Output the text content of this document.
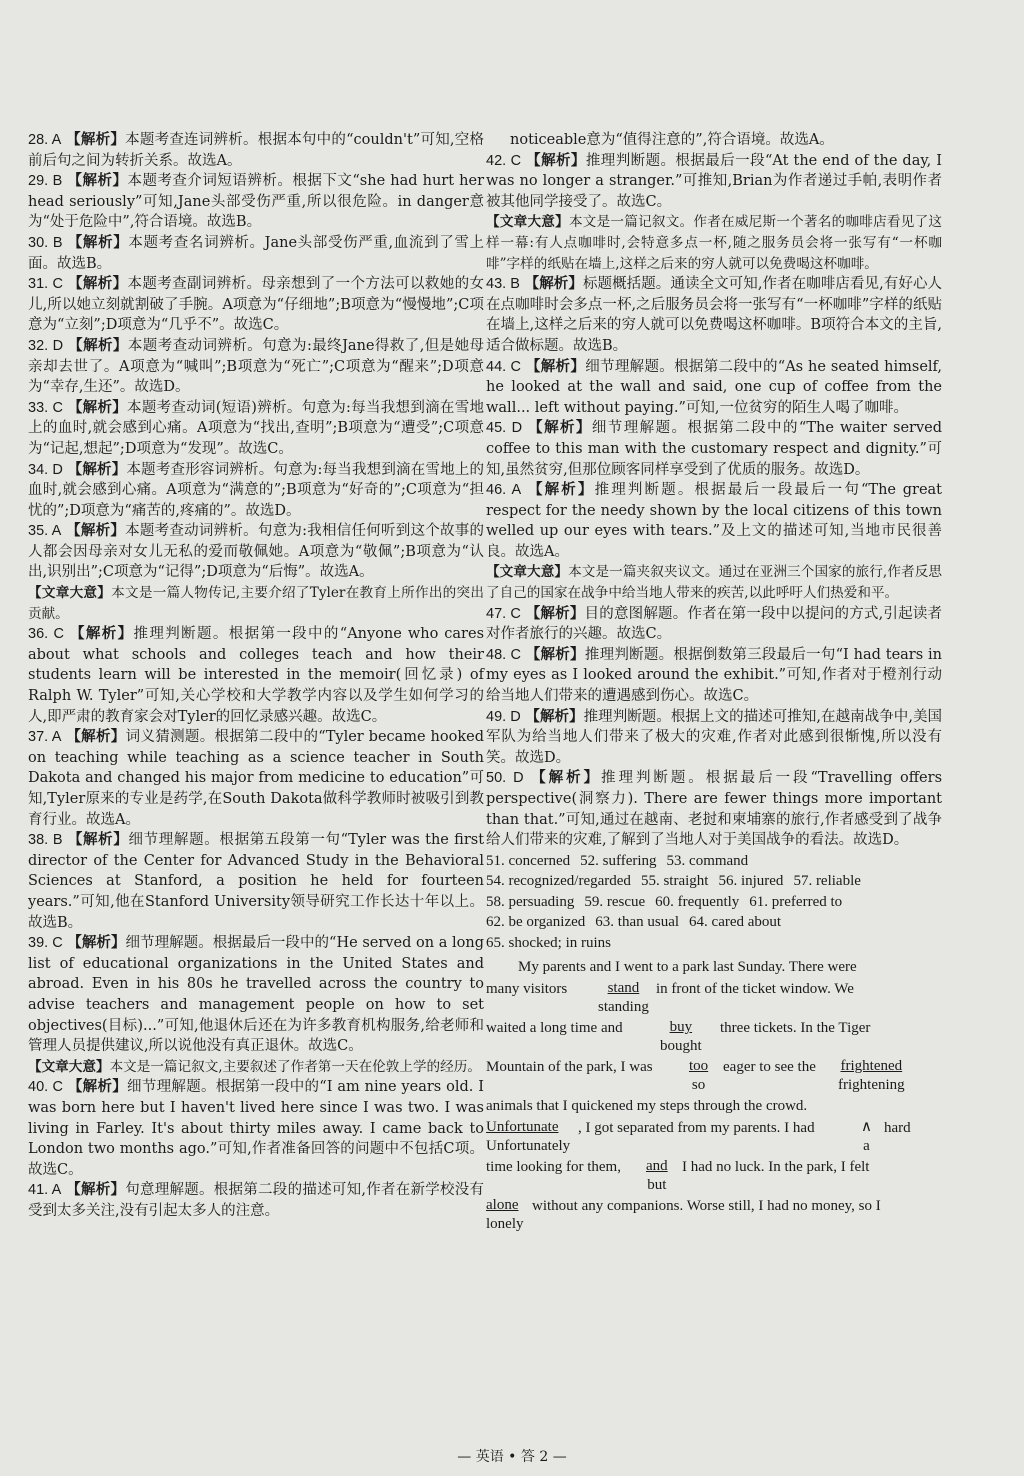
28. A 【解析】本题考查连词辨析。根据本句中的“couldn't”可知,空格前后句之间为转折关系。故选A。

29. B 【解析】本题考查介词短语辨析。根据下文“she had hurt her head seriously”可知,Jane头部受伤严重,所以很危险。in danger意为“处于危险中”,符合语境。故选B。

30. B 【解析】本题考查名词辨析。Jane头部受伤严重,血流到了雪上面。故选B。

31. C 【解析】本题考查副词辨析。母亲想到了一个方法可以救她的女儿,所以她立刻就割破了手腕。A项意为“仔细地”;B项意为“慢慢地”;C项意为“立刻”;D项意为“几乎不”。故选C。

32. D 【解析】本题考查动词辨析。句意为:最终Jane得救了,但是她母亲却去世了。A项意为“喊叫”;B项意为“死亡”;C项意为“醒来”;D项意为“幸存,生还”。故选D。

33. C 【解析】本题考查动词(短语)辨析。句意为:每当我想到滴在雪地上的血时,就会感到心痛。A项意为“找出,查明”;B项意为“遭受”;C项意为“记起,想起”;D项意为“发现”。故选C。

34. D 【解析】本题考查形容词辨析。句意为:每当我想到滴在雪地上的血时,就会感到心痛。A项意为“满意的”;B项意为“好奇的”;C项意为“担忧的”;D项意为“痛苦的,疼痛的”。故选D。

35. A 【解析】本题考查动词辨析。句意为:我相信任何听到这个故事的人都会因母亲对女儿无私的爱而敬佩她。A项意为“敬佩”;B项意为“认出,识别出”;C项意为“记得”;D项意为“后悔”。故选A。

【文章大意】本文是一篇人物传记,主要介绍了Tyler在教育上所作出的突出贡献。

36. C 【解析】推理判断题。根据第一段中的“Anyone who cares about what schools and colleges teach and how their students learn will be interested in the memoir(回忆录) of Ralph W. Tyler”可知,关心学校和大学教学内容以及学生如何学习的人,即严肃的教育家会对Tyler的回忆录感兴趣。故选C。

37. A 【解析】词义猜测题。根据第二段中的“Tyler became hooked on teaching while teaching as a science teacher in South Dakota and changed his major from medicine to education”可知,Tyler原来的专业是药学,在South Dakota做科学教师时被吸引到教育行业。故选A。

38. B 【解析】细节理解题。根据第五段第一句“Tyler was the first director of the Center for Advanced Study in the Behavioral Sciences at Stanford, a position he held for fourteen years.”可知,他在Stanford University领导研究工作长达十年以上。故选B。

39. C 【解析】细节理解题。根据最后一段中的“He served on a long list of educational organizations in the United States and abroad. Even in his 80s he travelled across the country to advise teachers and management people on how to set objectives(目标)...”可知,他退休后还在为许多教育机构服务,给老师和管理人员提供建议,所以说他没有真正退休。故选C。

【文章大意】本文是一篇记叙文,主要叙述了作者第一天在伦敦上学的经历。

40. C 【解析】细节理解题。根据第一段中的“I am nine years old. I was born here but I haven't lived here since I was two. I was living in Farley. It's about thirty miles away. I came back to London two months ago.”可知,作者准备回答的问题中不包括C项。故选C。

41. A 【解析】句意理解题。根据第二段的描述可知,作者在新学校没有受到太多关注,没有引起太多人的注意。

noticeable意为“值得注意的”,符合语境。故选A。

42. C 【解析】推理判断题。根据最后一段“At the end of the day, I was no longer a stranger.”可推知,Brian为作者递过手帕,表明作者被其他同学接受了。故选C。

【文章大意】本文是一篇记叙文。作者在威尼斯一个著名的咖啡店看见了这样一幕:有人点咖啡时,会特意多点一杯,随之服务员会将一张写有“一杯咖啡”字样的纸贴在墙上,这样之后来的穷人就可以免费喝这杯咖啡。

43. B 【解析】标题概括题。通读全文可知,作者在咖啡店看见,有好心人在点咖啡时会多点一杯,之后服务员会将一张写有“一杯咖啡”字样的纸贴在墙上,这样之后来的穷人就可以免费喝这杯咖啡。B项符合本文的主旨,适合做标题。故选B。

44. C 【解析】细节理解题。根据第二段中的“As he seated himself, he looked at the wall and said, one cup of coffee from the wall... left without paying.”可知,一位贫穷的陌生人喝了咖啡。

45. D 【解析】细节理解题。根据第二段中的“The waiter served coffee to this man with the customary respect and dignity.”可知,虽然贫穷,但那位顾客同样享受到了优质的服务。故选D。

46. A 【解析】推理判断题。根据最后一段最后一句“The great respect for the needy shown by the local citizens of this town welled up our eyes with tears.”及上文的描述可知,当地市民很善良。故选A。

【文章大意】本文是一篇夹叙夹议文。通过在亚洲三个国家的旅行,作者反思了自己的国家在战争中给当地人带来的疾苦,以此呼吁人们热爱和平。

47. C 【解析】目的意图解题。作者在第一段中以提问的方式,引起读者对作者旅行的兴趣。故选C。

48. C 【解析】推理判断题。根据倒数第三段最后一句“I had tears in my eyes as I looked around the exhibit.”可知,作者对于橙剂行动给当地人们带来的遭遇感到伤心。故选C。

49. D 【解析】推理判断题。根据上文的描述可推知,在越南战争中,美国军队为给当地人们带来了极大的灾难,作者对此感到很惭愧,所以没有笑。故选D。

50. D 【解析】推理判断题。根据最后一段“Travelling offers perspective(洞察力). There are fewer things more important than that.”可知,通过在越南、老挝和柬埔寨的旅行,作者感受到了战争给人们带来的灾难,了解到了当地人对于美国战争的看法。故选D。

51. concerned 52. suffering 53. command

54. recognized/regarded 55. straight 56. injured 57. reliable

58. persuading 59. rescue 60. frequently 61. preferred to

62. be organized 63. than usual 64. cared about

65. shocked; in ruins

My parents and I went to a park last Sunday. There were
many visitors	stand
standing
in front of the ticket window. We
waited a long time and	buy
bought
three tickets. In the Tiger
Mountain of the park, I was too
so
eager to see the frightened
frightening
animals that I quickened my steps through the crowd.
Unfortunate
Unfortunately
, I got separated from my parents. I had	∧
a
hard
time looking for them, and
but
I had no luck. In the park, I felt
alone
lonely
without any companions. Worse still, I had no money, so I
— 英语 • 答 2 —
